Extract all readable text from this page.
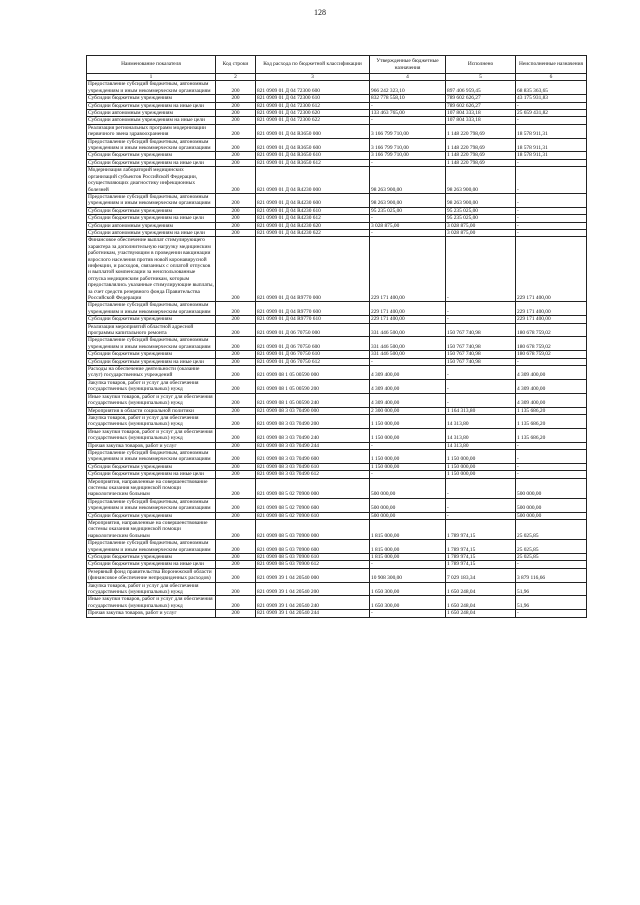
128
Наименование показателя	Код строки	Код расхода по бюджетной классификации	Утвержденные бюджетные назначения	Исполнено	Неисполненные назначения
1	2	3	4	5	6
Предоставление субсидий бюджетным, автономным учреждениям и иным некоммерческим организациям	200	821 0909 01 Д 04 72300 600	966 242 323,10	897 406 959,45	68 835 363,65
Субсидии бюджетным учреждениям	200	821 0909 01 Д 04 72300 610	832 778 558,10	789 602 626,27	43 175 931,83
Субсидии бюджетным учреждениям на иные цели	200	821 0909 01 Д 04 72300 612	-	789 602 626,27	-
Субсидии автономным учреждениям	200	821 0909 01 Д 04 72300 620	133 463 765,00	107 804 333,18	25 659 431,82
Субсидии автономным учреждениям на иные цели	200	821 0909 01 Д 04 72300 622	-	107 804 333,18	-
Реализация региональных программ модернизации первичного звена здравоохранения	200	821 0909 01 Д 04 R3650 000	3 166 799 710,00	1 148 220 798,69	18 578 911,31
Предоставление субсидий бюджетным, автономным учреждениям и иным некоммерческим организациям	200	821 0909 01 Д 04 R3650 600	3 166 799 710,00	1 148 220 798,69	18 578 911,31
Субсидии бюджетным учреждениям	200	821 0909 01 Д 04 R3650 610	3 166 799 710,00	1 148 220 798,69	18 578 911,31
Субсидии бюджетным учреждениям на иные цели	200	821 0909 01 Д 04 R3650 612	-	1 148 220 798,69	-
Модернизация лабораторий медицинских организаций субъектов Российской Федерации, осуществляющих диагностику инфекционных болезней	200	821 0909 01 Д 04 R4230 000	98 263 900,00	98 263 900,00	-
Предоставление субсидий бюджетным, автономным учреждениям и иным некоммерческим организациям	200	821 0909 01 Д 04 R4230 600	98 263 900,00	98 263 900,00	-
Субсидии бюджетным учреждениям	200	821 0909 01 Д 04 R4230 610	95 235 025,00	95 235 025,00	-
Субсидии бюджетным учреждениям на иные цели	200	821 0909 01 Д 04 R4230 612	-	95 235 025,00	-
Субсидии автономным учреждениям	200	821 0909 01 Д 04 R4230 620	3 028 875,00	3 028 875,00	-
Субсидии автономным учреждениям на иные цели	200	821 0909 01 Д 04 R4230 622	-	3 028 875,00	-
Финансовое обеспечение выплат стимулирующего характера за дополнительную нагрузку медицинским работникам, участвующим в проведении вакцинации взрослого населения против новой коронавирусной инфекции, и расходов, связанных с оплатой отпусков и выплатой компенсации за неиспользованные отпуска медицинским работникам, которым предоставлялись указанные стимулирующие выплаты, за счет средств резервного фонда Правительства Российской Федерации	200	821 0909 01 Д 04 R9770 000	229 171 400,00	-	229 171 400,00
Предоставление субсидий бюджетным, автономным учреждениям и иным некоммерческим организациям	200	821 0909 01 Д 04 R9770 600	229 171 400,00	-	229 171 400,00
Субсидии бюджетным учреждениям	200	821 0909 01 Д 04 R9770 610	229 171 400,00	-	229 171 400,00
Реализация мероприятий областной адресной программы капитального ремонта	200	821 0909 01 Д 06 70750 000	331 446 500,00	150 767 740,98	180 678 759,02
Предоставление субсидий бюджетным, автономным учреждениям и иным некоммерческим организациям	200	821 0909 01 Д 06 70750 600	331 446 500,00	150 767 740,98	180 678 759,02
Субсидии бюджетным учреждениям	200	821 0909 01 Д 06 70750 610	331 446 500,00	150 767 740,98	180 678 759,02
Субсидии бюджетным учреждениям на иные цели	200	821 0909 01 Д 06 70750 612	-	150 767 740,98	-
Расходы на обеспечение деятельности (оказание услуг) государственных учреждений	200	821 0909 08 1 05 00590 000	4 309 400,00	-	4 309 400,00
Закупка товаров, работ и услуг для обеспечения государственных (муниципальных) нужд	200	821 0909 08 1 05 00590 200	4 309 400,00	-	4 309 400,00
Иные закупки товаров, работ и услуг для обеспечения государственных (муниципальных) нужд	200	821 0909 08 1 05 00590 240	4 309 400,00	-	4 309 400,00
Мероприятия в области социальной политики	200	821 0909 08 3 03 70490 000	2 300 000,00	1 164 313,80	1 135 686,20
Закупка товаров, работ и услуг для обеспечения государственных (муниципальных) нужд	200	821 0909 08 3 03 70490 200	1 150 000,00	14 313,80	1 135 686,20
Иные закупки товаров, работ и услуг для обеспечения государственных (муниципальных) нужд	200	821 0909 08 3 03 70490 240	1 150 000,00	14 313,80	1 135 686,20
Прочая закупка товаров, работ и услуг	200	821 0909 08 3 03 70490 244	-	14 313,80	-
Предоставление субсидий бюджетным, автономным учреждениям и иным некоммерческим организациям	200	821 0909 08 3 03 70490 600	1 150 000,00	1 150 000,00	-
Субсидии бюджетным учреждениям	200	821 0909 08 3 03 70490 610	1 150 000,00	1 150 000,00	-
Субсидии бюджетным учреждениям на иные цели	200	821 0909 08 3 03 70490 612	-	1 150 000,00	-
Мероприятия, направленные на совершенствование системы оказания медицинской помощи наркологическим больным	200	821 0909 08 5 02 70900 000	500 000,00	-	500 000,00
Предоставление субсидий бюджетным, автономным учреждениям и иным некоммерческим организациям	200	821 0909 08 5 02 70900 600	500 000,00	-	500 000,00
Субсидии бюджетным учреждениям	200	821 0909 08 5 02 70900 610	500 000,00	-	500 000,00
Мероприятия, направленные на совершенствование системы оказания медицинской помощи наркологическим больным	200	821 0909 08 5 03 70900 000	1 815 000,00	1 789 974,15	25 025,85
Предоставление субсидий бюджетным, автономным учреждениям и иным некоммерческим организациям	200	821 0909 08 5 03 70900 600	1 815 000,00	1 789 974,15	25 025,85
Субсидии бюджетным учреждениям	200	821 0909 08 5 03 70900 610	1 815 000,00	1 789 974,15	25 025,85
Субсидии бюджетным учреждениям на иные цели	200	821 0909 08 5 03 70900 612	-	1 789 974,15	-
Резервный фонд правительства Воронежской области (финансовое обеспечение непредвиденных расходов)	200	821 0909 39 1 04 20540 000	10 908 300,00	7 029 183,34	3 879 116,66
Закупка товаров, работ и услуг для обеспечения государственных (муниципальных) нужд	200	821 0909 39 1 04 20540 200	1 650 300,00	1 650 248,04	51,96
Иные закупки товаров, работ и услуг для обеспечения государственных (муниципальных) нужд	200	821 0909 39 1 04 20540 240	1 650 300,00	1 650 248,04	51,96
Прочая закупка товаров, работ и услуг	200	821 0909 39 1 04 20540 244	-	1 650 248,04	-
